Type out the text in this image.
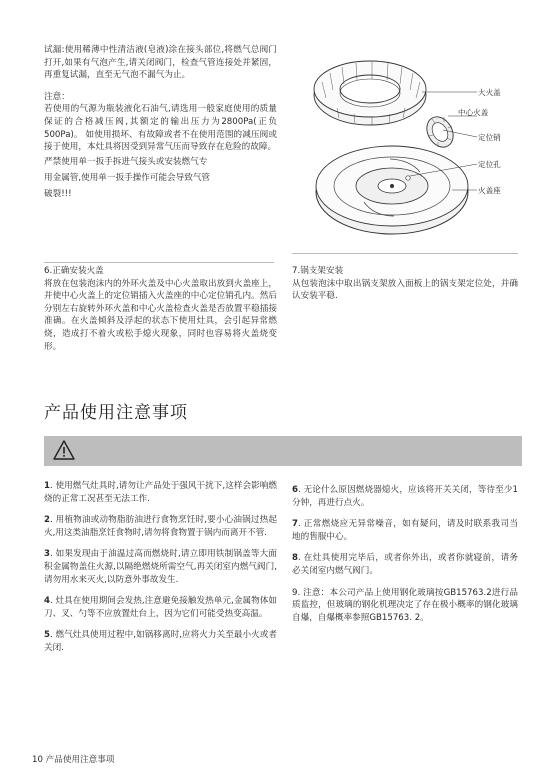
试漏:使用稀薄中性清洁液(皂液)涂在接头部位,将燃气总阀门打开,如果有气泡产生,请关闭阀门，检查气管连接处并紧固，再重复试漏，直至无气泡不漏气为止。

注意：

若使用的气源为瓶装液化石油气,请选用一般家庭使用的质量保证的合格减压阀,其额定的输出压力为2800Pa(正负500Pa)。 如使用损坏、有故障或者不在使用范围的减压阀或接于使用，本灶具将因受到异常气压而导致存在危险的故障。

严禁使用单一扳手拆进气接头或安装燃气专

用金属管,使用单一扳手操作可能会导致气管

破裂!!!

大火盖
中心火盖
定位销
定位孔
火盖座

6.正确安装火盖

将放在包装泡沫内的外环火盖及中心火盖取出放到火盖座上，并使中心火盖上的定位销插入火盖座的中心定位销孔内。然后分别左右旋转外环火盖和中心火盖检查火盖是否放置平稳插接准确。在火盖倾斜及浮起的状态下使用灶具，会引起异常燃烧，造成打不着火或松手熄火现象，同时也容易将火盖烧变形。

7.锅支架安装

从包装泡沫中取出锅支架放入面板上的锅支架定位处，并确认安装平稳.

产品使用注意事项

1. 使用燃气灶具时,请勿让产品处于强风干扰下,这样会影响燃烧的正常工况甚至无法工作.

2. 用植物油或动物脂肪油进行食物烹饪时,要小心油锅过热起火,用这类油脂烹饪食物时,请勿将食物置于锅内而离开不管.

3. 如果发现由于油温过高而燃烧时,请立即用铁制锅盖等大面积金属物盖住火源,以隔绝燃烧所需空气,再关闭室内燃气阀门,请勿用水来灭火,以防意外事故发生.

4. 灶具在使用期间会发热,注意避免接触发热单元,金属物体如刀、叉、勺等不应放置灶台上，因为它们可能受热变高温。

5. 燃气灶具使用过程中,如锅移离时,应将火力关至最小火或者关闭.

6. 无论什么原因燃烧器熄火，应该将开关关闭，等待至少1分钟，再进行点火。

7. 正常燃烧应无异常噪音，如有疑问，请及时联系我司当地的售服中心。

8. 在灶具使用完毕后，或者你外出，或者你就寝前，请务必关闭室内燃气阀门。

9. 注意：本公司产品上使用钢化玻璃按GB15763.2进行品质监控，但玻璃的钢化机理决定了存在极小概率的钢化玻璃自爆，自爆概率参照GB15763. 2。

10 产品使用注意事项
